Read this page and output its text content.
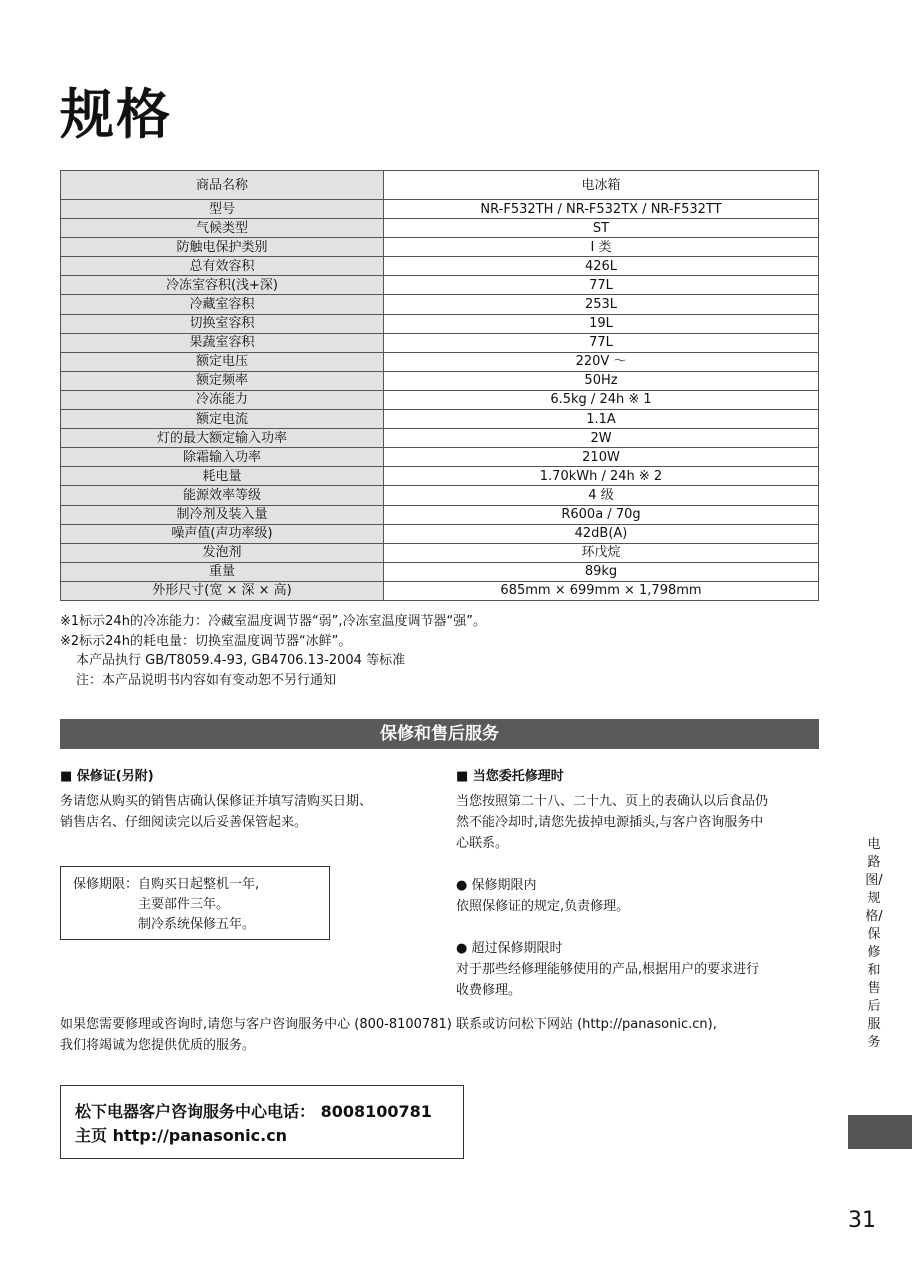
规格
商品名称	电冰箱
型号	NR-F532TH / NR-F532TX / NR-F532TT
气候类型	ST
防触电保护类别	Ⅰ 类
总有效容积	426L
冷冻室容积(浅+深)	77L
冷藏室容积	253L
切换室容积	19L
果蔬室容积	77L
额定电压	220V ～
额定频率	50Hz
冷冻能力	6.5kg / 24h ※ 1
额定电流	1.1A
灯的最大额定输入功率	2W
除霜输入功率	210W
耗电量	1.70kWh / 24h ※ 2
能源效率等级	4 级
制冷剂及装入量	R600a / 70g
噪声值(声功率级)	42dB(A)
发泡剂	环戊烷
重量	89kg
外形尺寸(宽 × 深 × 高)	685mm × 699mm × 1,798mm
※1标示24h的冷冻能力：冷藏室温度调节器“弱”,冷冻室温度调节器“强”。
※2标示24h的耗电量：切换室温度调节器“冰鲜”。
本产品执行 GB/T8059.4-93, GB4706.13-2004 等标准
注：本产品说明书内容如有变动恕不另行通知
保修和售后服务
■ 保修证(另附)
务请您从购买的销售店确认保修证并填写清购买日期、
销售店名、仔细阅读完以后妥善保管起来。
保修期限： 自购买日起整机一年,
主要部件三年。
制冷系统保修五年。
■ 当您委托修理时
当您按照第二十八、二十九、页上的表确认以后食品仍
然不能冷却时,请您先拔掉电源插头,与客户咨询服务中
心联系。
● 保修期限内
依照保修证的规定,负责修理。
● 超过保修期限时
对于那些经修理能够使用的产品,根据用户的要求进行
收费修理。
如果您需要修理或咨询时,请您与客户咨询服务中心 (800-8100781) 联系或访问松下网站 (http://panasonic.cn),
我们将竭诚为您提供优质的服务。
松下电器客户咨询服务中心电话： 8008100781
主页 http://panasonic.cn
电路图/规格/保修和售后服务
31
